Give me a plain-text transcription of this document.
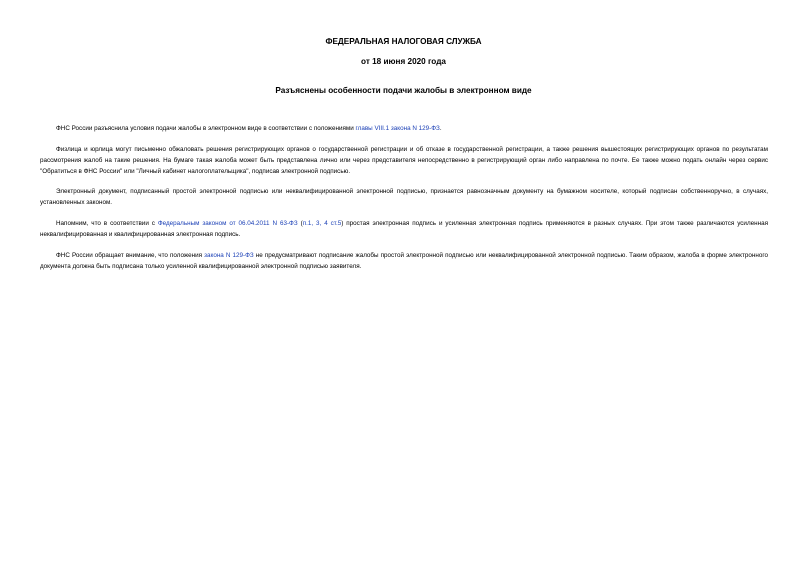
ФЕДЕРАЛЬНАЯ НАЛОГОВАЯ СЛУЖБА

от 18 июня 2020 года

Разъяснены особенности подачи жалобы в электронном виде

ФНС России разъяснила условия подачи жалобы в электронном виде в соответствии с положениями главы VIII.1 закона N 129-ФЗ.

Физлица и юрлица могут письменно обжаловать решения регистрирующих органов о государственной регистрации и об отказе в государственной регистрации, а также решения вышестоящих регистрирующих органов по результатам рассмотрения жалоб на такие решения. На бумаге такая жалоба может быть представлена лично или через представителя непосредственно в регистрирующий орган либо направлена по почте. Ее также можно подать онлайн через сервис "Обратиться в ФНС России" или "Личный кабинет налогоплательщика", подписав электронной подписью.

Электронный документ, подписанный простой электронной подписью или неквалифицированной электронной подписью, признается равнозначным документу на бумажном носителе, который подписан собственноручно, в случаях, установленных законом.

Напомним, что в соответствии с Федеральным законом от 06.04.2011 N 63-ФЗ (п.1, 3, 4 ст.5) простая электронная подпись и усиленная электронная подпись применяются в разных случаях. При этом также различаются усиленная неквалифицированная и квалифицированная электронная подпись.

ФНС России обращает внимание, что положения закона N 129-ФЗ не предусматривают подписание жалобы простой электронной подписью или неквалифицированной электронной подписью. Таким образом, жалоба в форме электронного документа должна быть подписана только усиленной квалифицированной электронной подписью заявителя.
